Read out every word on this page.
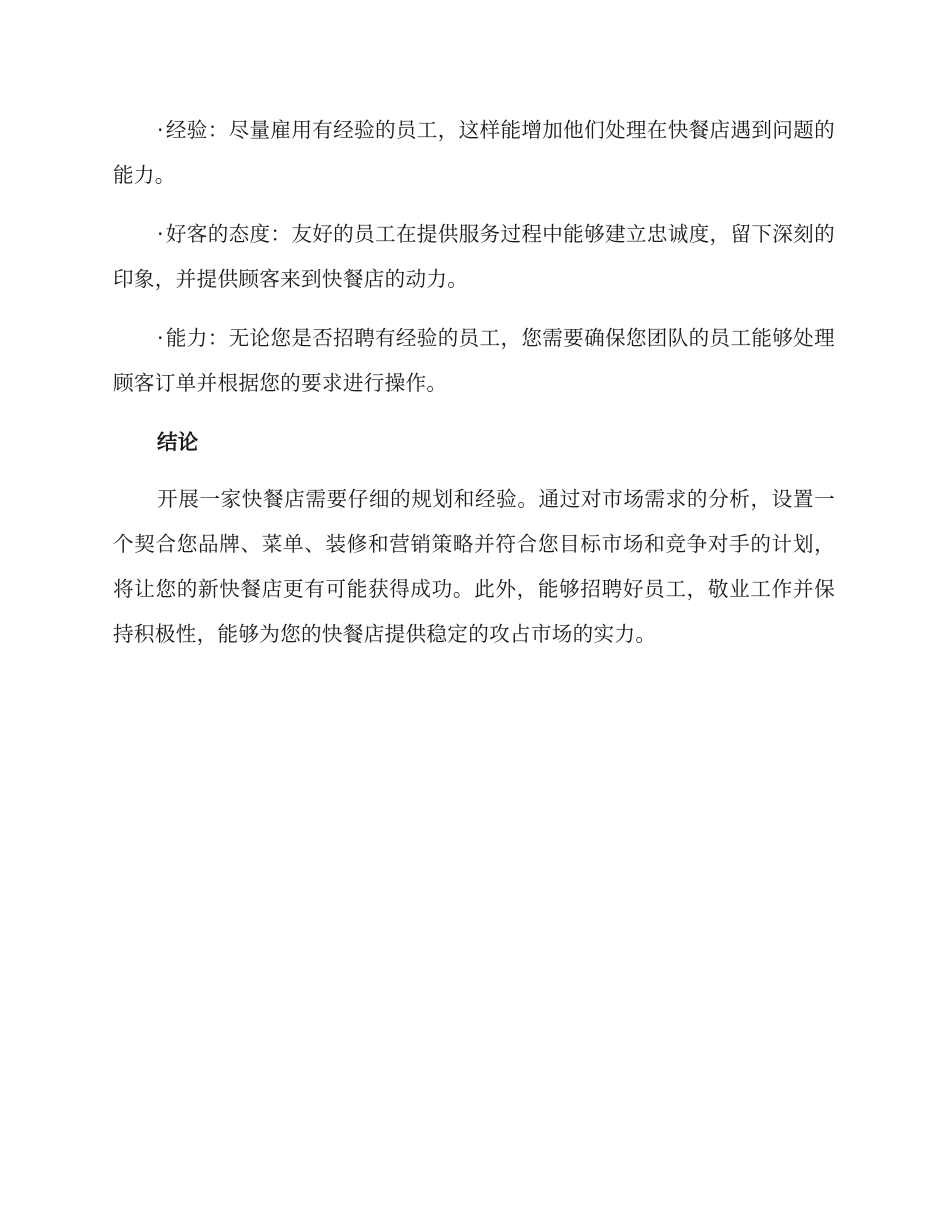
·经验：尽量雇用有经验的员工，这样能增加他们处理在快餐店遇到问题的能力。

·好客的态度：友好的员工在提供服务过程中能够建立忠诚度，留下深刻的印象，并提供顾客来到快餐店的动力。

·能力：无论您是否招聘有经验的员工，您需要确保您团队的员工能够处理顾客订单并根据您的要求进行操作。

结论

开展一家快餐店需要仔细的规划和经验。通过对市场需求的分析，设置一个契合您品牌、菜单、装修和营销策略并符合您目标市场和竞争对手的计划，将让您的新快餐店更有可能获得成功。此外，能够招聘好员工，敬业工作并保持积极性，能够为您的快餐店提供稳定的攻占市场的实力。
